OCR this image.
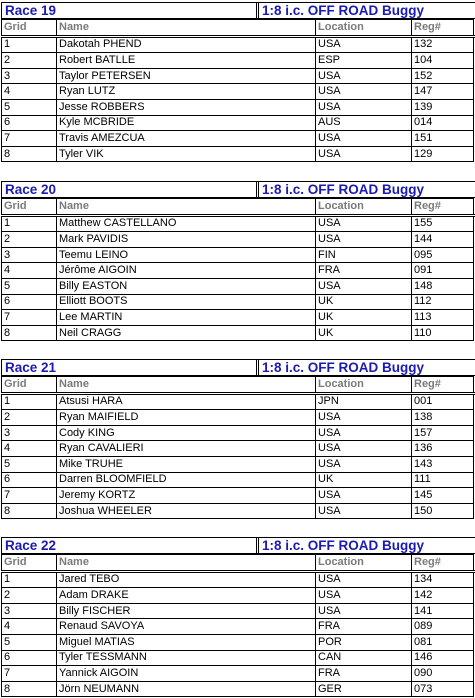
Race 19	1:8 i.c. OFF ROAD Buggy
Grid	Name	Location	Reg#	
1	Dakotah PHEND	USA	132	
2	Robert BATLLE	ESP	104	
3	Taylor PETERSEN	USA	152	
4	Ryan LUTZ	USA	147	
5	Jesse ROBBERS	USA	139	
6	Kyle MCBRIDE	AUS	014	
7	Travis AMEZCUA	USA	151	
8	Tyler VIK	USA	129	
Race 20	1:8 i.c. OFF ROAD Buggy
Grid	Name	Location	Reg#	
1	Matthew CASTELLANO	USA	155	
2	Mark PAVIDIS	USA	144	
3	Teemu LEINO	FIN	095	
4	Jérôme AIGOIN	FRA	091	
5	Billy EASTON	USA	148	
6	Elliott BOOTS	UK	112	
7	Lee MARTIN	UK	113	
8	Neil CRAGG	UK	110	
Race 21	1:8 i.c. OFF ROAD Buggy
Grid	Name	Location	Reg#	
1	Atsusi HARA	JPN	001	
2	Ryan MAIFIELD	USA	138	
3	Cody KING	USA	157	
4	Ryan CAVALIERI	USA	136	
5	Mike TRUHE	USA	143	
6	Darren BLOOMFIELD	UK	111	
7	Jeremy KORTZ	USA	145	
8	Joshua WHEELER	USA	150	
Race 22	1:8 i.c. OFF ROAD Buggy
Grid	Name	Location	Reg#	
1	Jared TEBO	USA	134	
2	Adam DRAKE	USA	142	
3	Billy FISCHER	USA	141	
4	Renaud SAVOYA	FRA	089	
5	Miguel MATIAS	POR	081	
6	Tyler TESSMANN	CAN	146	
7	Yannick AIGOIN	FRA	090	
8	Jörn NEUMANN	GER	073	
